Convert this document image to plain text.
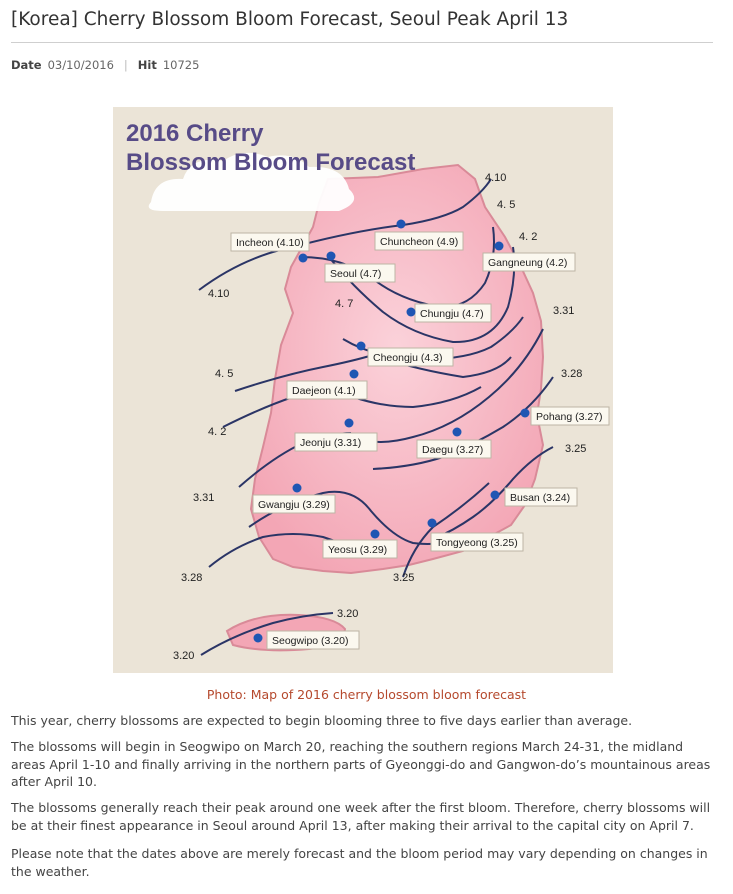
[Korea] Cherry Blossom Bloom Forecast, Seoul Peak April 13
Date 03/10/2016 | Hit 10725
4.10
4. 5
4. 2
4.10
4. 7
4. 5
4. 2
3.31
3.28
3.25
3.31
3.28	3.25
3.20
3.20
2016 Cherry
Blossom Bloom Forecast
Incheon (4.10)	Chuncheon (4.9)
Gangneung (4.2)
Seoul (4.7)
Chungju (4.7)
Cheongju (4.3)
Daejeon (4.1)
Pohang (3.27)
Jeonju (3.31)
Daegu (3.27)
Busan (3.24)
Gwangju (3.29)
Tongyeong (3.25)
Yeosu (3.29)
Seogwipo (3.20)
Photo: Map of 2016 cherry blossom bloom forecast

This year, cherry blossoms are expected to begin blooming three to five days earlier than average.

The blossoms will begin in Seogwipo on March 20, reaching the southern regions March 24-31, the midland areas April 1-10 and finally arriving in the northern parts of Gyeonggi-do and Gangwon-do’s mountainous areas after April 10.

The blossoms generally reach their peak around one week after the first bloom. Therefore, cherry blossoms will be at their finest appearance in Seoul around April 13, after making their arrival to the capital city on April 7.

Please note that the dates above are merely forecast and the bloom period may vary depending on changes in the weather.
